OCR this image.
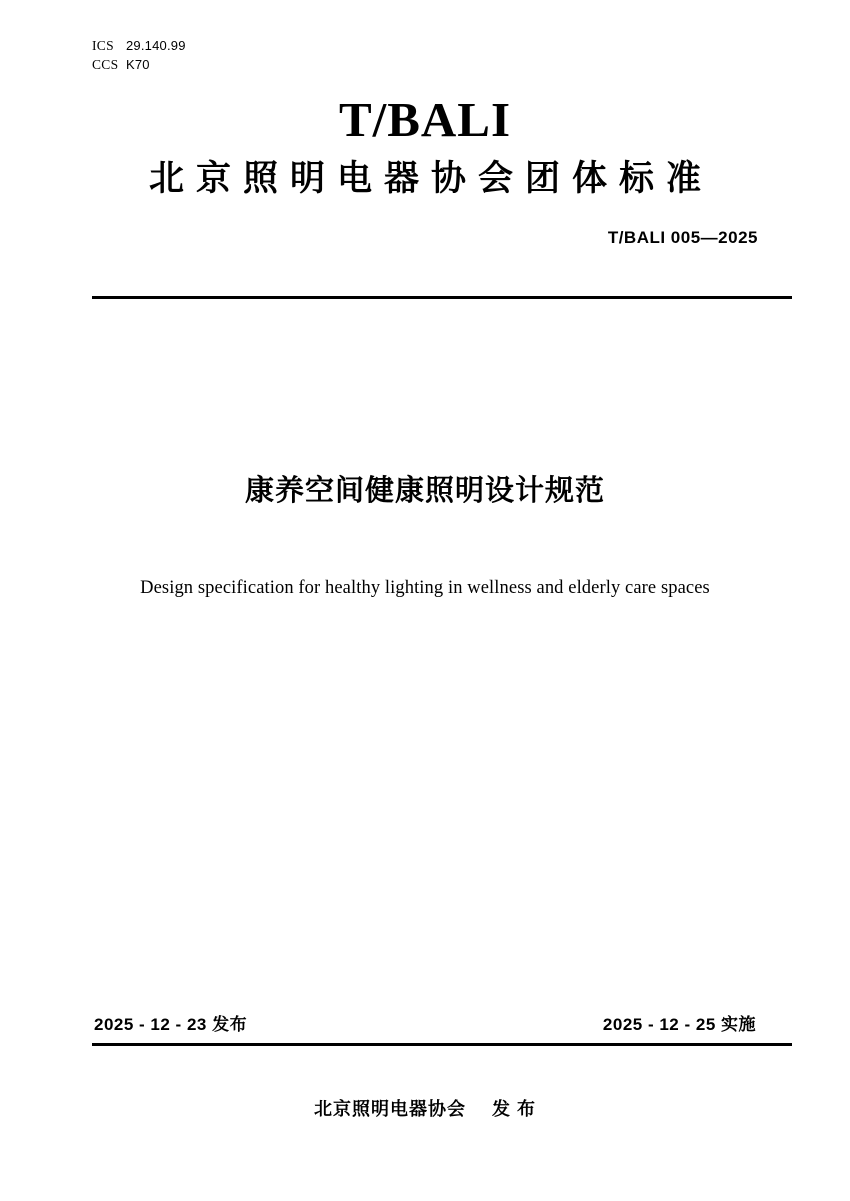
ICS 29.140.99
CCS K70
T/BALI
北京照明电器协会团体标准
T/BALI 005—2025
康养空间健康照明设计规范
Design specification for healthy lighting in wellness and elderly care spaces
2025 - 12 - 23 发布	2025 - 12 - 25 实施
北京照明电器协会 发 布
